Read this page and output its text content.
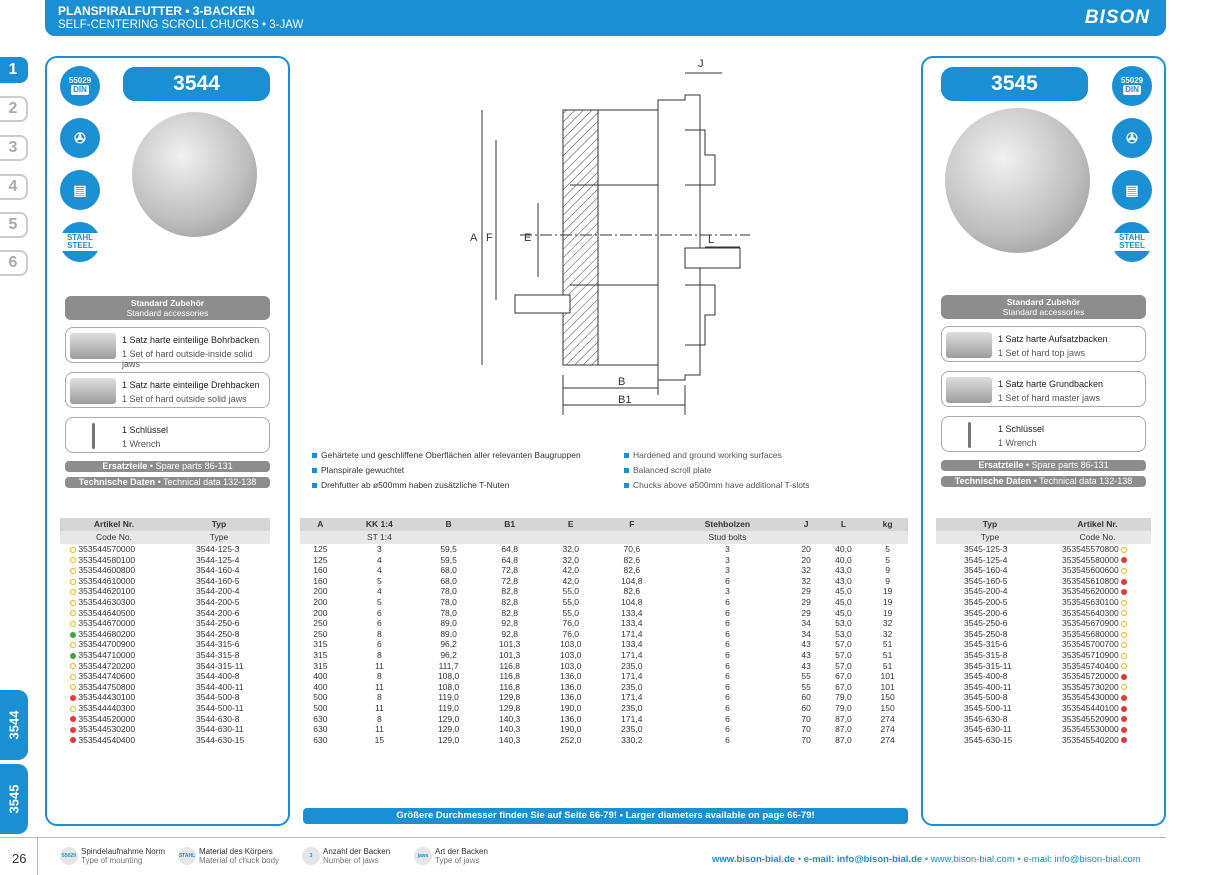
PLANSPIRALFUTTER • 3-BACKEN
SELF-CENTERING SCROLL CHUCKS • 3-JAW	BISON
1
2
3
4
5
6
3544
3545
3544
55029
DIN
✇
▤
STAHL STEEL
Standard Zubehör
Standard accessories
1 Satz harte einteilige Bohrbacken
1 Set of hard outside-inside solid jaws
1 Satz harte einteilige Drehbacken
1 Set of hard outside solid jaws
1 Schlüssel
1 Wrench
Ersatzteile • Spare parts 86-131
Technische Daten • Technical data 132-138
Artikel Nr.	Typ
Code No.	Type
353544570000	3544-125-3
353544580100	3544-125-4
353544600800	3544-160-4
353544610000	3544-160-5
353544620100	3544-200-4
353544630300	3544-200-5
353544640500	3544-200-6
353544670000	3544-250-6
353544680200	3544-250-8
353544700900	3544-315-6
353544710000	3544-315-8
353544720200	3544-315-11
353544740600	3544-400-8
353544750800	3544-400-11
353544430100	3544-500-8
353544440300	3544-500-11
353544520000	3544-630-8
353544530200	3544-630-11
353544540400	3544-630-15
3545	55029
DIN
✇
▤
STAHL STEEL
Standard Zubehör
Standard accessories
1 Satz harte Aufsatzbacken
1 Set of hard top jaws
1 Satz harte Grundbacken
1 Set of hard master jaws
1 Schlüssel
1 Wrench
Ersatzteile • Spare parts 86-131
Technische Daten • Technical data 132-138
Typ	Artikel Nr.
Type	Code No.
3545-125-3	353545570800
3545-125-4	353545580000
3545-160-4	353545600600
3545-160-5	353545610800
3545-200-4	353545620000
3545-200-5	353545630100
3545-200-6	353545640300
3545-250-6	353545670900
3545-250-8	353545680000
3545-315-6	353545700700
3545-315-8	353545710900
3545-315-11	353545740400
3545-400-8	353545720000
3545-400-11	353545730200
3545-500-8	353545430000
3545-500-11	353545440100
3545-630-8	353545520900
3545-630-11	353545530000
3545-630-15	353545540200
A F	E
J
L
B
B1
Gehärtete und geschliffene Oberflächen aller relevanten Baugruppen
Planspirale gewuchtet
Drehfutter ab ø500mm haben zusätzliche T-Nuten
Hardened and ground working surfaces
Balanced scroll plate
Chucks above ø500mm have additional T-slots
A	KK 1:4	B	B1	E	F	Stehbolzen	J	L	kg
	ST 1:4					Stud bolts			
125	3	59,5	64,8	32,0	70,6	3	20	40,0	5
125	4	59,5	64,8	32,0	82,6	3	20	40,0	5
160	4	68,0	72,8	42,0	82,6	3	32	43,0	9
160	5	68,0	72,8	42,0	104,8	6	32	43,0	9
200	4	78,0	82,8	55,0	82,6	3	29	45,0	19
200	5	78,0	82,8	55,0	104,8	6	29	45,0	19
200	6	78,0	82,8	55,0	133,4	6	29	45,0	19
250	6	89,0	92,8	76,0	133,4	6	34	53,0	32
250	8	89,0	92,8	76,0	171,4	6	34	53,0	32
315	6	96,2	101,3	103,0	133,4	6	43	57,0	51
315	8	96,2	101,3	103,0	171,4	6	43	57,0	51
315	11	111,7	116,8	103,0	235,0	6	43	57,0	51
400	8	108,0	116,8	136,0	171,4	6	55	67,0	101
400	11	108,0	116,8	136,0	235,0	6	55	67,0	101
500	8	119,0	129,8	136,0	171,4	6	60	79,0	150
500	11	119,0	129,8	190,0	235,0	6	60	79,0	150
630	8	129,0	140,3	136,0	171,4	6	70	87,0	274
630	11	129,0	140,3	190,0	235,0	6	70	87,0	274
630	15	129,0	140,3	252,0	330,2	6	70	87,0	274
Größere Durchmesser finden Sie auf Seite 66-79! • Larger diameters available on page 66-79!
26	55029 Spindelaufnahme Norm
Type of mounting	STAHL Material des Körpers
Material of chuck body	3 Anzahl der Backen
Number of jaws	jaws Art der Backen
Type of jaws	www.bison-bial.de • e-mail: info@bison-bial.de • www.bison-bial.com • e-mail: info@bison-bial.com
